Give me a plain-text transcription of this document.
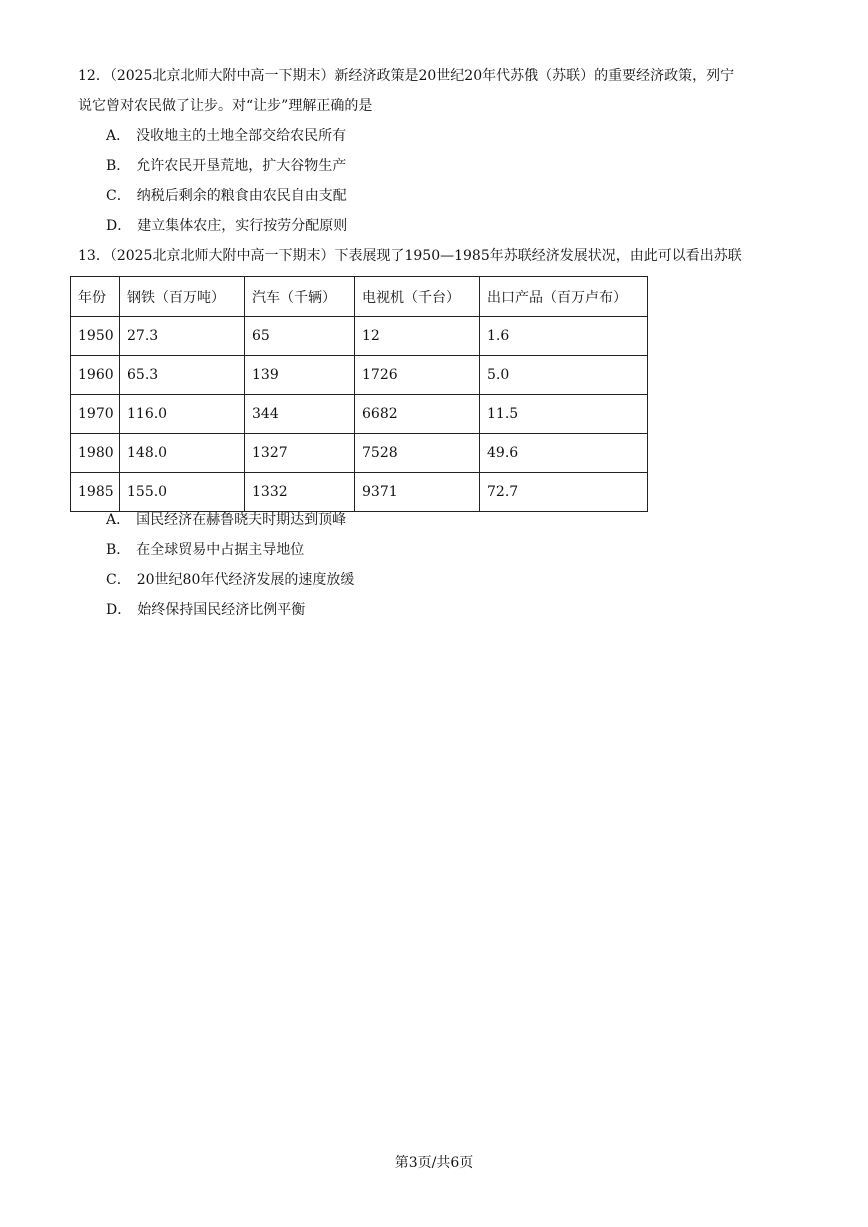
12．（2025北京北师大附中高一下期末）新经济政策是20世纪20年代苏俄（苏联）的重要经济政策，列宁
说它曾对农民做了让步。对“让步”理解正确的是
A． 没收地主的土地全部交给农民所有
B． 允许农民开垦荒地，扩大谷物生产
C． 纳税后剩余的粮食由农民自由支配
D． 建立集体农庄，实行按劳分配原则
13．（2025北京北师大附中高一下期末）下表展现了1950—1985年苏联经济发展状况，由此可以看出苏联
年份	钢铁（百万吨）	汽车（千辆）	电视机（千台）	出口产品（百万卢布）
1950	27.3	65	12	1.6
1960	65.3	139	1726	5.0
1970	116.0	344	6682	11.5
1980	148.0	1327	7528	49.6
1985	155.0	1332	9371	72.7
A． 国民经济在赫鲁晓夫时期达到顶峰
B． 在全球贸易中占据主导地位
C． 20世纪80年代经济发展的速度放缓
D． 始终保持国民经济比例平衡
第3页/共6页
